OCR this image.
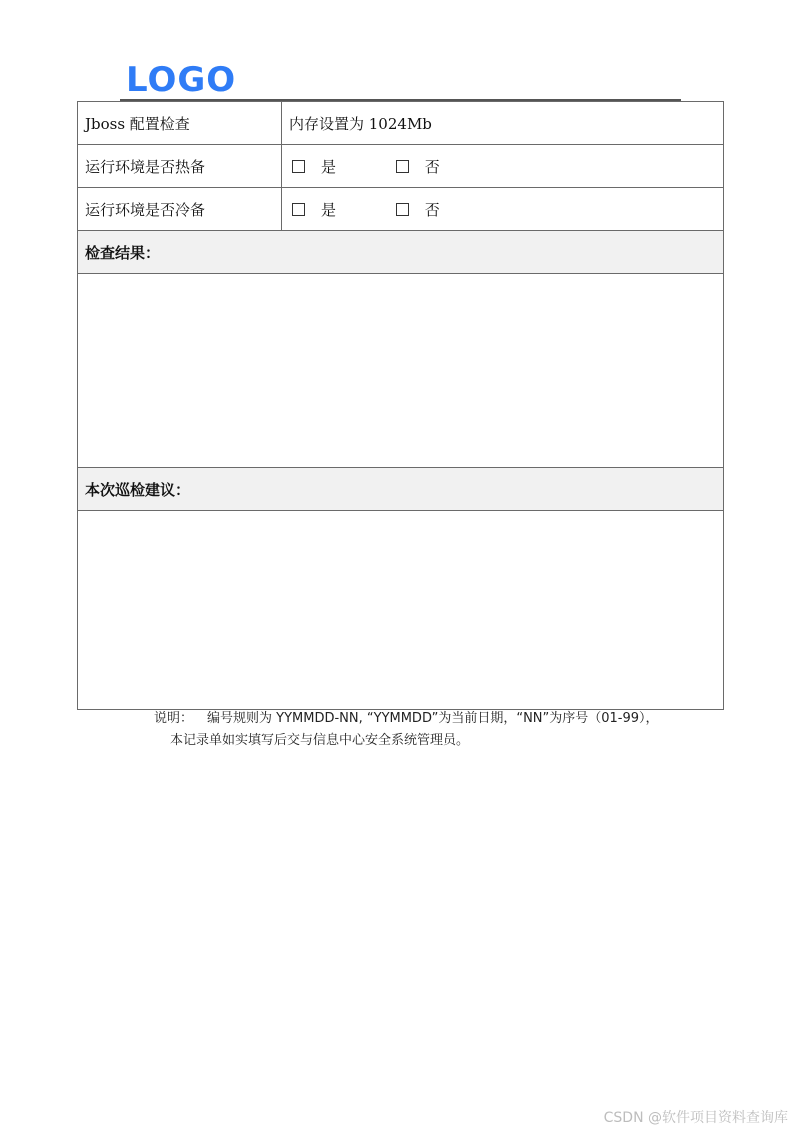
LOGO
Jboss 配置检查	内存设置为 1024Mb
运行环境是否热备	是 否
运行环境是否冷备	是 否
检查结果：	

本次巡检建议：	

说明： 编号规则为 YYMMDD-NN, “YYMMDD”为当前日期，“NN”为序号（01-99），
本记录单如实填写后交与信息中心安全系统管理员。
CSDN @软件项目资料查询库
